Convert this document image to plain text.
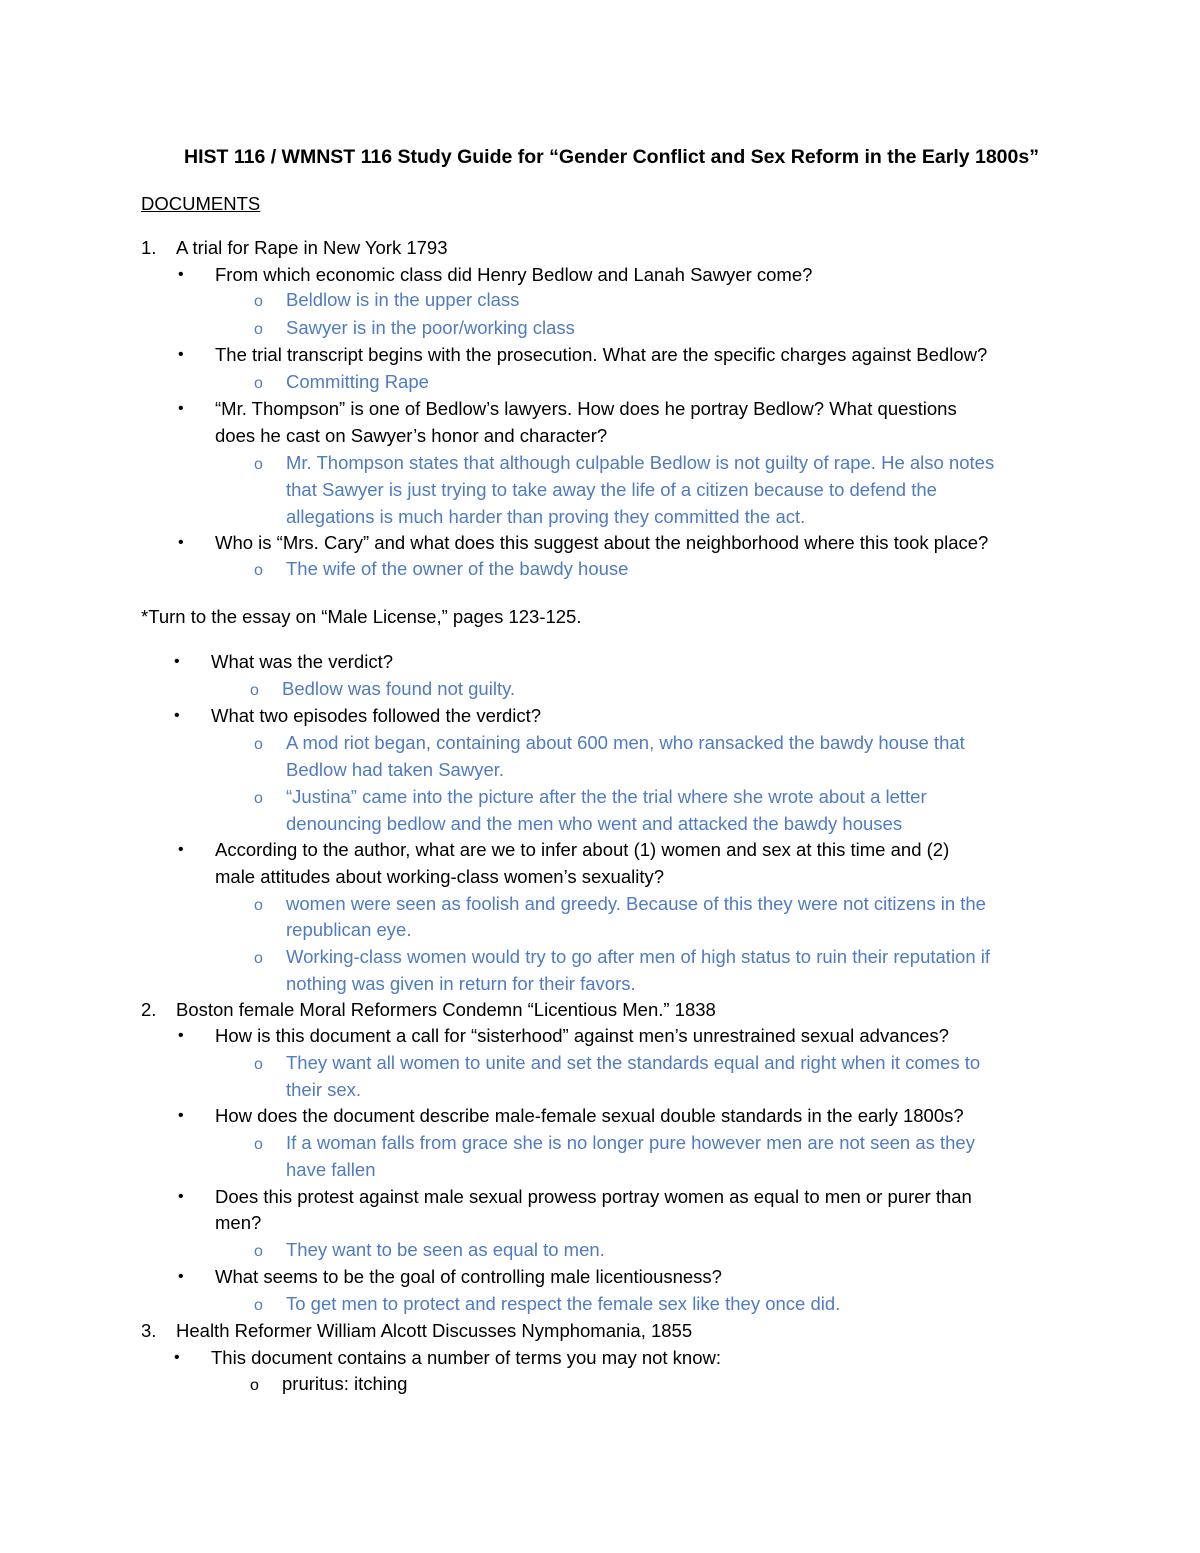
HIST 116 / WMNST 116 Study Guide for “Gender Conflict and Sex Reform in the Early 1800s”
DOCUMENTS
1. A trial for Rape in New York 1793
• From which economic class did Henry Bedlow and Lanah Sawyer come?
o Beldlow is in the upper class
o Sawyer is in the poor/working class
• The trial transcript begins with the prosecution. What are the specific charges against Bedlow?
o Committing Rape
• “Mr. Thompson” is one of Bedlow’s lawyers. How does he portray Bedlow? What questions
does he cast on Sawyer’s honor and character?
o Mr. Thompson states that although culpable Bedlow is not guilty of rape. He also notes
that Sawyer is just trying to take away the life of a citizen because to defend the
allegations is much harder than proving they committed the act.
• Who is “Mrs. Cary” and what does this suggest about the neighborhood where this took place?
o The wife of the owner of the bawdy house
*Turn to the essay on “Male License,” pages 123-125.
• What was the verdict?
o Bedlow was found not guilty.
• What two episodes followed the verdict?
o A mod riot began, containing about 600 men, who ransacked the bawdy house that
Bedlow had taken Sawyer.
o “Justina” came into the picture after the the trial where she wrote about a letter
denouncing bedlow and the men who went and attacked the bawdy houses
• According to the author, what are we to infer about (1) women and sex at this time and (2)
male attitudes about working-class women’s sexuality?
o women were seen as foolish and greedy. Because of this they were not citizens in the
republican eye.
o Working-class women would try to go after men of high status to ruin their reputation if
nothing was given in return for their favors.
2. Boston female Moral Reformers Condemn “Licentious Men.” 1838
• How is this document a call for “sisterhood” against men’s unrestrained sexual advances?
o They want all women to unite and set the standards equal and right when it comes to
their sex.
• How does the document describe male-female sexual double standards in the early 1800s?
o If a woman falls from grace she is no longer pure however men are not seen as they
have fallen
• Does this protest against male sexual prowess portray women as equal to men or purer than
men?
o They want to be seen as equal to men.
• What seems to be the goal of controlling male licentiousness?
o To get men to protect and respect the female sex like they once did.
3. Health Reformer William Alcott Discusses Nymphomania, 1855
• This document contains a number of terms you may not know:
o pruritus: itching
